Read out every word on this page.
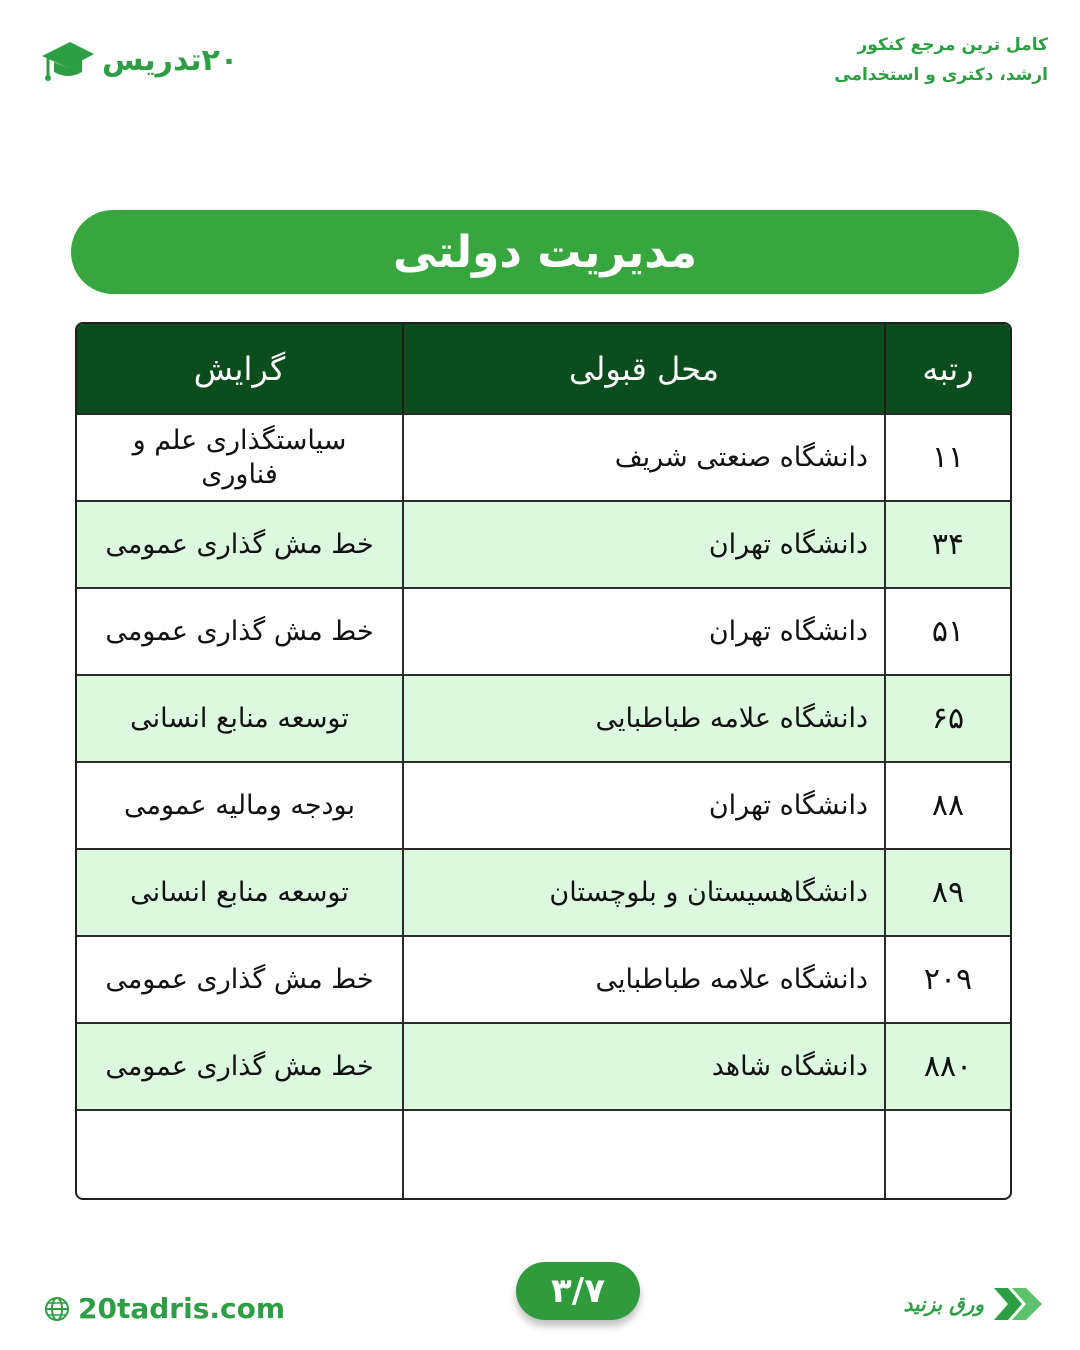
۲۰تدریس	کامل ترین مرجع کنکور
ارشد، دکتری و استخدامی
مدیریت دولتی
رتبه	محل قبولی	گرایش
۱۱	دانشگاه صنعتی شریف	سیاستگذاری علم و فناوری
۳۴	دانشگاه تهران	خط مش گذاری عمومی
۵۱	دانشگاه تهران	خط مش گذاری عمومی
۶۵	دانشگاه علامه طباطبایی	توسعه منابع انسانی
۸۸	دانشگاه تهران	بودجه ومالیه عمومی
۸۹	دانشگاهسیستان و بلوچستان	توسعه منابع انسانی
۲۰۹	دانشگاه علامه طباطبایی	خط مش گذاری عمومی
۸۸۰	دانشگاه شاهد	خط مش گذاری عمومی

20tadris.com	۳/۷	ورق بزنید
